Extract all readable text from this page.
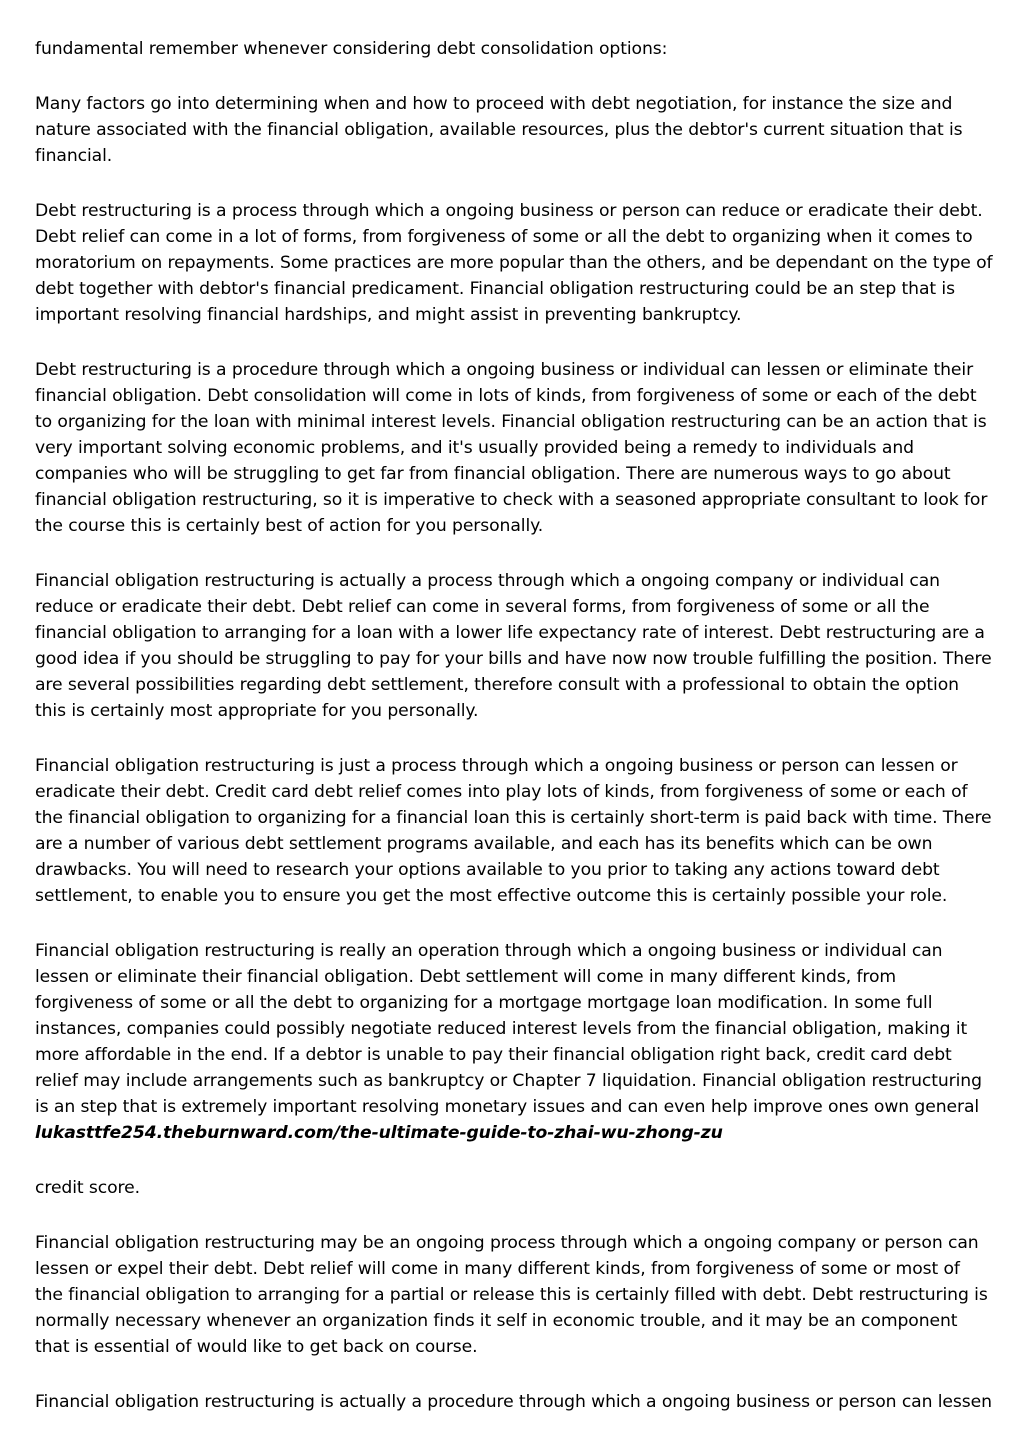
fundamental remember whenever considering debt consolidation options:

Many factors go into determining when and how to proceed with debt negotiation, for instance the size and nature associated with the financial obligation, available resources, plus the debtor's current situation that is financial.

Debt restructuring is a process through which a ongoing business or person can reduce or eradicate their debt. Debt relief can come in a lot of forms, from forgiveness of some or all the debt to organizing when it comes to moratorium on repayments. Some practices are more popular than the others, and be dependant on the type of debt together with debtor's financial predicament. Financial obligation restructuring could be an step that is important resolving financial hardships, and might assist in preventing bankruptcy.

Debt restructuring is a procedure through which a ongoing business or individual can lessen or eliminate their financial obligation. Debt consolidation will come in lots of kinds, from forgiveness of some or each of the debt to organizing for the loan with minimal interest levels. Financial obligation restructuring can be an action that is very important solving economic problems, and it's usually provided being a remedy to individuals and companies who will be struggling to get far from financial obligation. There are numerous ways to go about financial obligation restructuring, so it is imperative to check with a seasoned appropriate consultant to look for the course this is certainly best of action for you personally.

Financial obligation restructuring is actually a process through which a ongoing company or individual can reduce or eradicate their debt. Debt relief can come in several forms, from forgiveness of some or all the financial obligation to arranging for a loan with a lower life expectancy rate of interest. Debt restructuring are a good idea if you should be struggling to pay for your bills and have now now trouble fulfilling the position. There are several possibilities regarding debt settlement, therefore consult with a professional to obtain the option this is certainly most appropriate for you personally.

Financial obligation restructuring is just a process through which a ongoing business or person can lessen or eradicate their debt. Credit card debt relief comes into play lots of kinds, from forgiveness of some or each of the financial obligation to organizing for a financial loan this is certainly short-term is paid back with time. There are a number of various debt settlement programs available, and each has its benefits which can be own drawbacks. You will need to research your options available to you prior to taking any actions toward debt settlement, to enable you to ensure you get the most effective outcome this is certainly possible your role.

Financial obligation restructuring is really an operation through which a ongoing business or individual can lessen or eliminate their financial obligation. Debt settlement will come in many different kinds, from forgiveness of some or all the debt to organizing for a mortgage mortgage loan modification. In some full instances, companies could possibly negotiate reduced interest levels from the financial obligation, making it more affordable in the end. If a debtor is unable to pay their financial obligation right back, credit card debt relief may include arrangements such as bankruptcy or Chapter 7 liquidation. Financial obligation restructuring is an step that is extremely important resolving monetary issues and can even help improve ones own general lukasttfe254.theburnward.com/the-ultimate-guide-to-zhai-wu-zhong-zu

credit score.

Financial obligation restructuring may be an ongoing process through which a ongoing company or person can lessen or expel their debt. Debt relief will come in many different kinds, from forgiveness of some or most of the financial obligation to arranging for a partial or release this is certainly filled with debt. Debt restructuring is normally necessary whenever an organization finds it self in economic trouble, and it may be an component that is essential of would like to get back on course.

Financial obligation restructuring is actually a procedure through which a ongoing business or person can lessen
